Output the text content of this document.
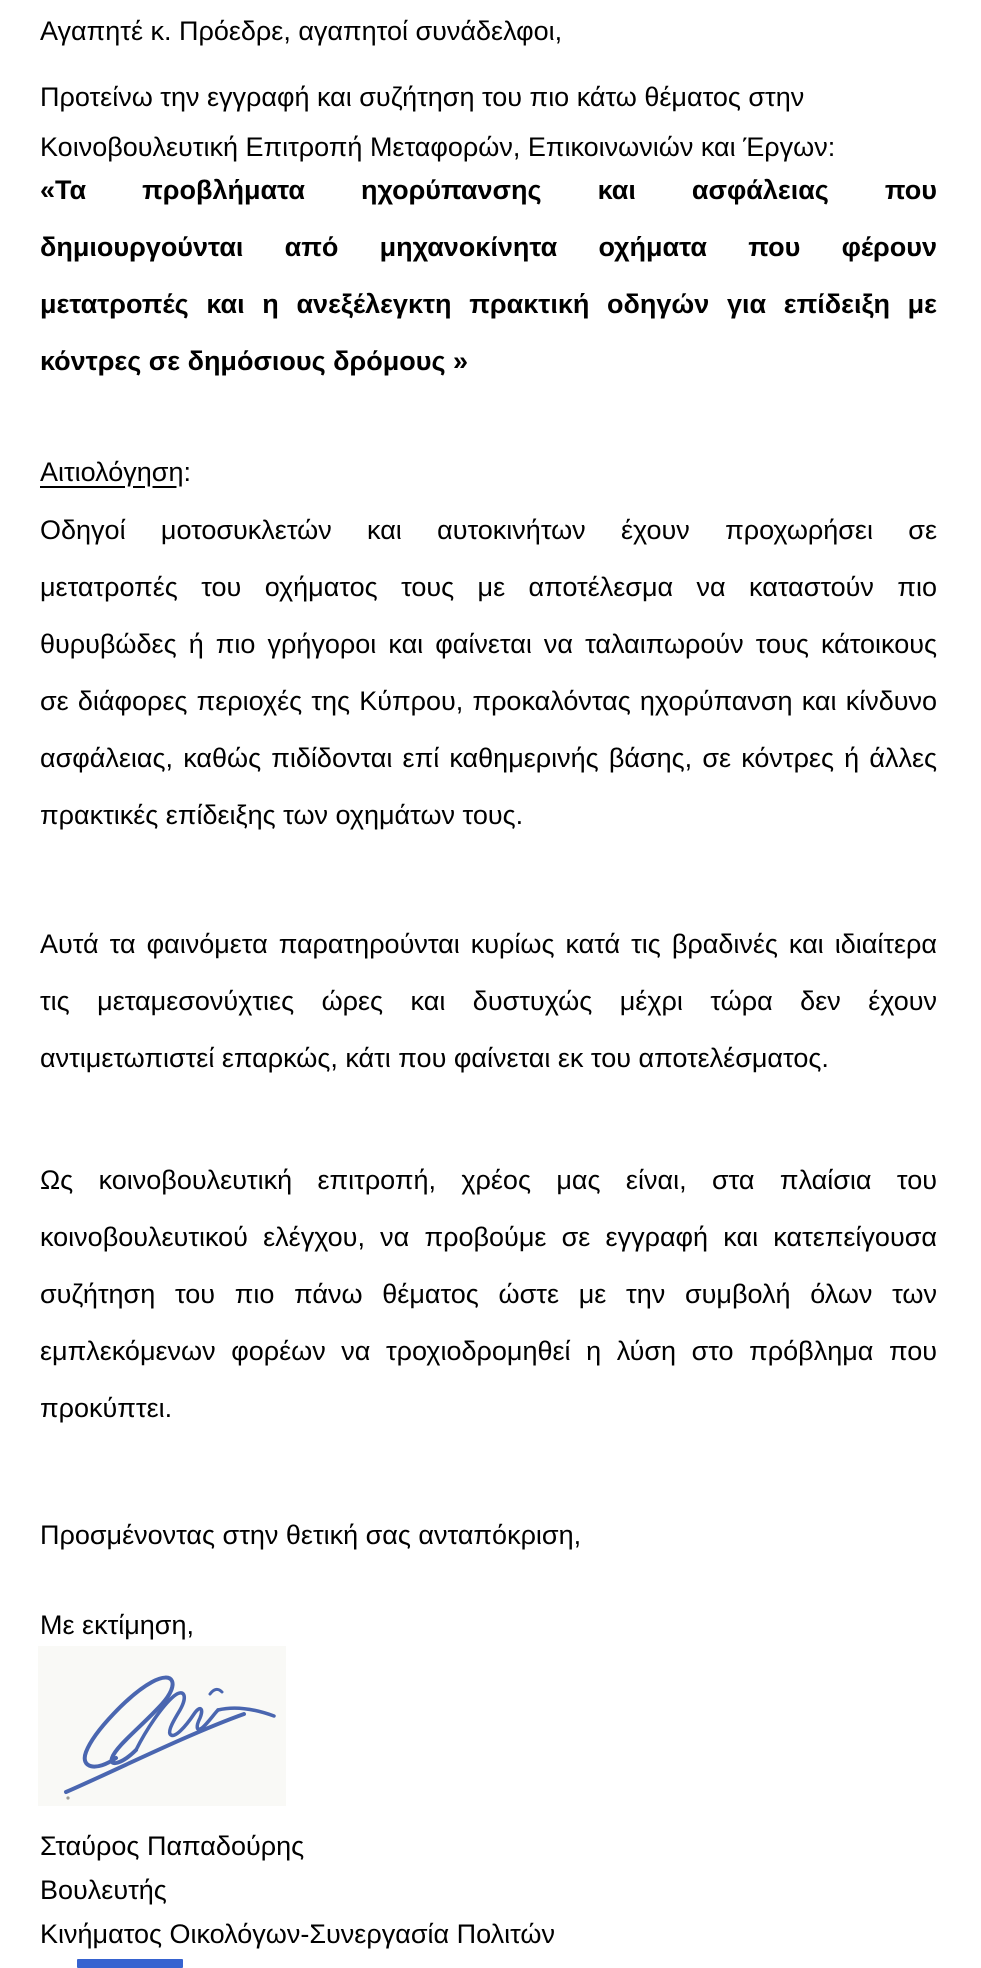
Αγαπητέ κ. Πρόεδρε, αγαπητοί συνάδελφοι,
Προτείνω την εγγραφή και συζήτηση του πιο κάτω θέματος στην
Κοινοβουλευτική Επιτροπή Μεταφορών, Επικοινωνιών και Έργων:
«Τα προβλήματα ηχορύπανσης και ασφάλειας που
δημιουργούνται από μηχανοκίνητα οχήματα που φέρουν
μετατροπές και η ανεξέλεγκτη πρακτική οδηγών για επίδειξη με
κόντρες σε δημόσιους δρόμους »
Αιτιολόγηση:
Οδηγοί μοτοσυκλετών και αυτοκινήτων έχουν προχωρήσει σε
μετατροπές του οχήματος τους με αποτέλεσμα να καταστούν πιο
θυρυβώδες ή πιο γρήγοροι και φαίνεται να ταλαιπωρούν τους κάτοικους
σε διάφορες περιοχές της Κύπρου, προκαλόντας ηχορύπανση και κίνδυνο
ασφάλειας, καθώς πιδίδονται επί καθημερινής βάσης, σε κόντρες ή άλλες
πρακτικές επίδειξης των οχημάτων τους.
Αυτά τα φαινόμετα παρατηρούνται κυρίως κατά τις βραδινές και ιδιαίτερα
τις μεταμεσονύχτιες ώρες και δυστυχώς μέχρι τώρα δεν έχουν
αντιμετωπιστεί επαρκώς, κάτι που φαίνεται εκ του αποτελέσματος.
Ως κοινοβουλευτική επιτροπή, χρέος μας είναι, στα πλαίσια του
κοινοβουλευτικού ελέγχου, να προβούμε σε εγγραφή και κατεπείγουσα
συζήτηση του πιο πάνω θέματος ώστε με την συμβολή όλων των
εμπλεκόμενων φορέων να τροχιοδρομηθεί η λύση στο πρόβλημα που
προκύπτει.
Προσμένοντας στην θετική σας ανταπόκριση,
Με εκτίμηση,
Σταύρος Παπαδούρης
Βουλευτής
Κινήματος Οικολόγων-Συνεργασία Πολιτών
